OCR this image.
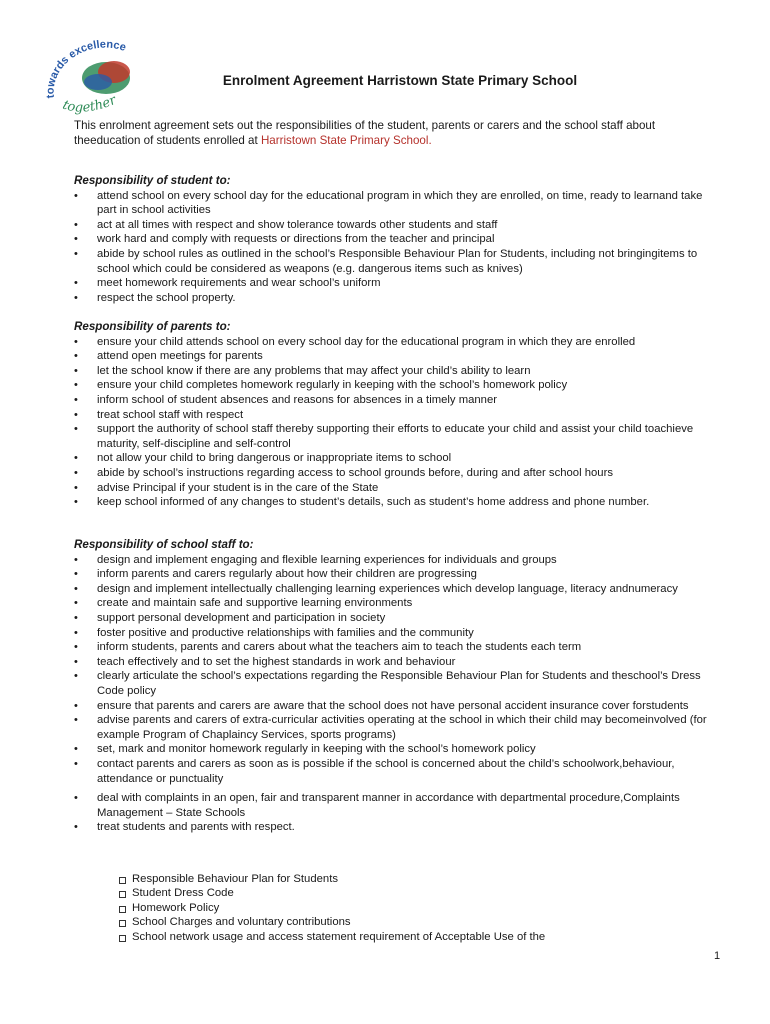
towards excellence
together
Enrolment Agreement Harristown State Primary School
This enrolment agreement sets out the responsibilities of the student, parents or carers and the school staff about theeducation of students enrolled at Harristown State Primary School.
Responsibility of student to:
• attend school on every school day for the educational program in which they are enrolled, on time, ready to learnand take part in school activities
• act at all times with respect and show tolerance towards other students and staff
• work hard and comply with requests or directions from the teacher and principal
• abide by school rules as outlined in the school’s Responsible Behaviour Plan for Students, including not bringingitems to school which could be considered as weapons (e.g. dangerous items such as knives)
• meet homework requirements and wear school’s uniform
• respect the school property.
Responsibility of parents to:
• ensure your child attends school on every school day for the educational program in which they are enrolled
• attend open meetings for parents
• let the school know if there are any problems that may affect your child’s ability to learn
• ensure your child completes homework regularly in keeping with the school’s homework policy
• inform school of student absences and reasons for absences in a timely manner
• treat school staff with respect
• support the authority of school staff thereby supporting their efforts to educate your child and assist your child toachieve maturity, self-discipline and self-control
• not allow your child to bring dangerous or inappropriate items to school
• abide by school’s instructions regarding access to school grounds before, during and after school hours
• advise Principal if your student is in the care of the State
• keep school informed of any changes to student’s details, such as student’s home address and phone number.
Responsibility of school staff to:
• design and implement engaging and flexible learning experiences for individuals and groups
• inform parents and carers regularly about how their children are progressing
• design and implement intellectually challenging learning experiences which develop language, literacy andnumeracy
• create and maintain safe and supportive learning environments
• support personal development and participation in society
• foster positive and productive relationships with families and the community
• inform students, parents and carers about what the teachers aim to teach the students each term
• teach effectively and to set the highest standards in work and behaviour
• clearly articulate the school’s expectations regarding the Responsible Behaviour Plan for Students and theschool’s Dress Code policy
• ensure that parents and carers are aware that the school does not have personal accident insurance cover forstudents
• advise parents and carers of extra-curricular activities operating at the school in which their child may becomeinvolved (for example Program of Chaplaincy Services, sports programs)
• set, mark and monitor homework regularly in keeping with the school’s homework policy
• contact parents and carers as soon as is possible if the school is concerned about the child’s schoolwork,behaviour, attendance or punctuality
• deal with complaints in an open, fair and transparent manner in accordance with departmental procedure,Complaints Management – State Schools
• treat students and parents with respect.
Responsible Behaviour Plan for Students
Student Dress Code
Homework Policy
School Charges and voluntary contributions
School network usage and access statement requirement of Acceptable Use of the
1
